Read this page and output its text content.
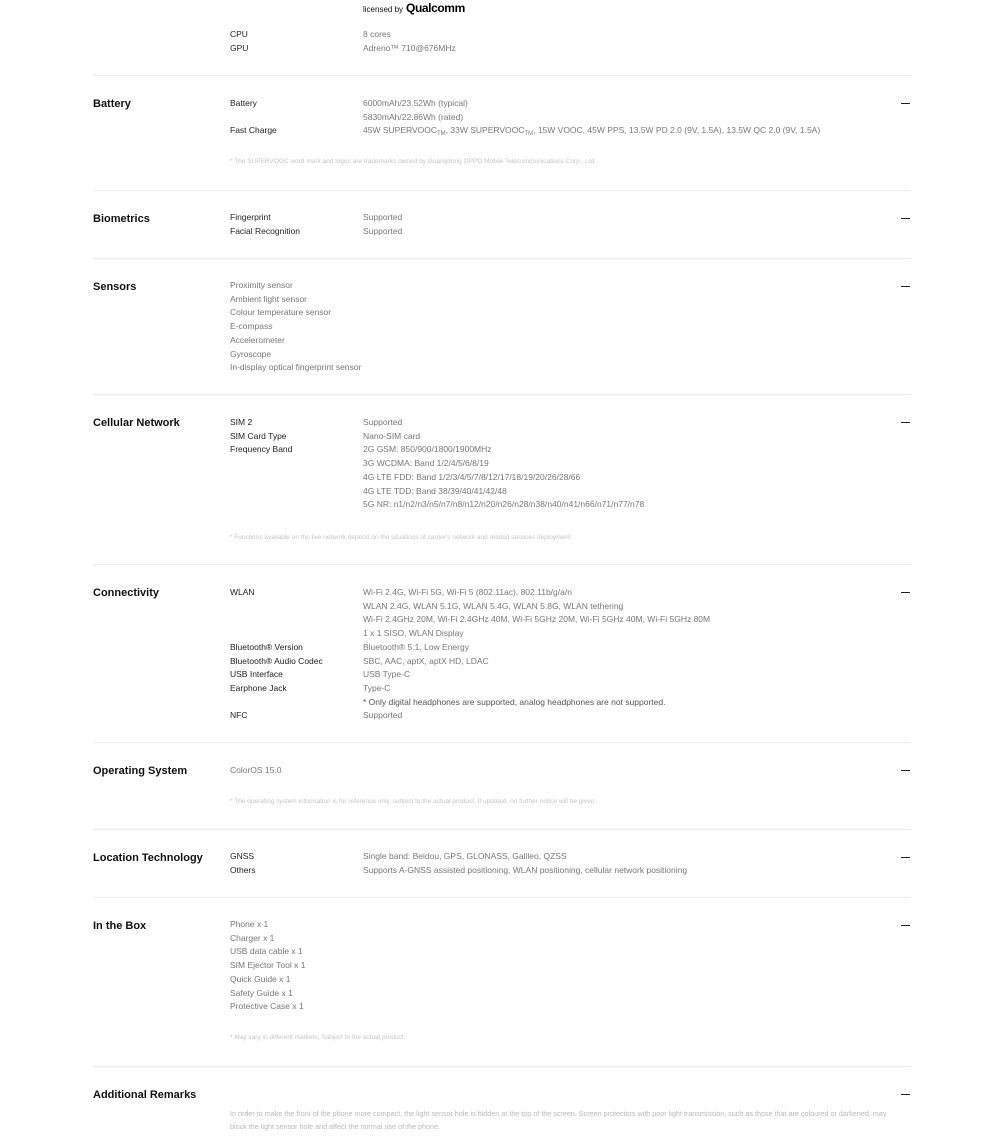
licensed by Qualcomm
CPU	8 cores
GPU	Adreno™ 710@676MHz
Battery	Battery	6000mAh/23.52Wh (typical)
5830mAh/22.86Wh (rated)
Fast Charge	45W $SUPERVOOC_{TM}$, 33W $SUPERVOOC_{TM}$, 15W VOOC, 45W PPS, 13.5W PD 2.0 (9V, 1.5A), 13.5W QC 2.0 (9V, 1.5A)
* The SUPERVOOC word mark and logos are trademarks owned by Guangdong OPPO Mobile Telecommunications Corp., Ltd.
Biometrics	Fingerprint	Supported
Facial Recognition	Supported
Sensors	Proximity sensor
Ambient light sensor
Colour temperature sensor
E-compass
Accelerometer
Gyroscope
In-display optical fingerprint sensor
Cellular Network	SIM 2	Supported
SIM Card Type	Nano-SIM card
Frequency Band	2G GSM: 850/900/1800/1900MHz
3G WCDMA: Band 1/2/4/5/6/8/19
4G LTE FDD: Band 1/2/3/4/5/7/8/12/17/18/19/20/26/28/66
4G LTE TDD: Band 38/39/40/41/42/48
5G NR: n1/n2/n3/n5/n7/n8/n12/n20/n26/n28/n38/n40/n41/n66/n71/n77/n78
* Functions available on the live network depend on the situations of carrier's network and related services deployment.
Connectivity	WLAN	Wi-Fi 2.4G, Wi-Fi 5G, Wi-Fi 5 (802.11ac), 802.11b/g/a/n
WLAN 2.4G, WLAN 5.1G, WLAN 5.4G, WLAN 5.8G, WLAN tethering
Wi-Fi 2.4GHz 20M, Wi-Fi 2.4GHz 40M, Wi-Fi 5GHz 20M, Wi-Fi 5GHz 40M, Wi-Fi 5GHz 80M
1 x 1 SISO, WLAN Display
Bluetooth® Version	Bluetooth® 5.1, Low Energy
Bluetooth® Audio Codec	SBC, AAC, aptX, aptX HD, LDAC
USB Interface	USB Type-C
Earphone Jack	Type-C
* Only digital headphones are supported, analog headphones are not supported.
NFC	Supported
Operating System	ColorOS 15.0
* The operating system information is for reference only, subject to the actual product. If updated, no further notice will be given.
Location Technology	GNSS	Single band: Beidou, GPS, GLONASS, Galileo, QZSS
Others	Supports A-GNSS assisted positioning, WLAN positioning, cellular network positioning
In the Box	Phone x 1
Charger x 1
USB data cable x 1
SIM Ejector Tool x 1
Quick Guide x 1
Safety Guide x 1
Protective Case x 1
* May vary in different markets. Subject to the actual product.
Additional Remarks
In order to make the front of the phone more compact, the light sensor hole is hidden at the top of the screen. Screen protectors with poor light transmission, such as those that are coloured or darkened, may block the light sensor hole and affect the normal use of the phone.
